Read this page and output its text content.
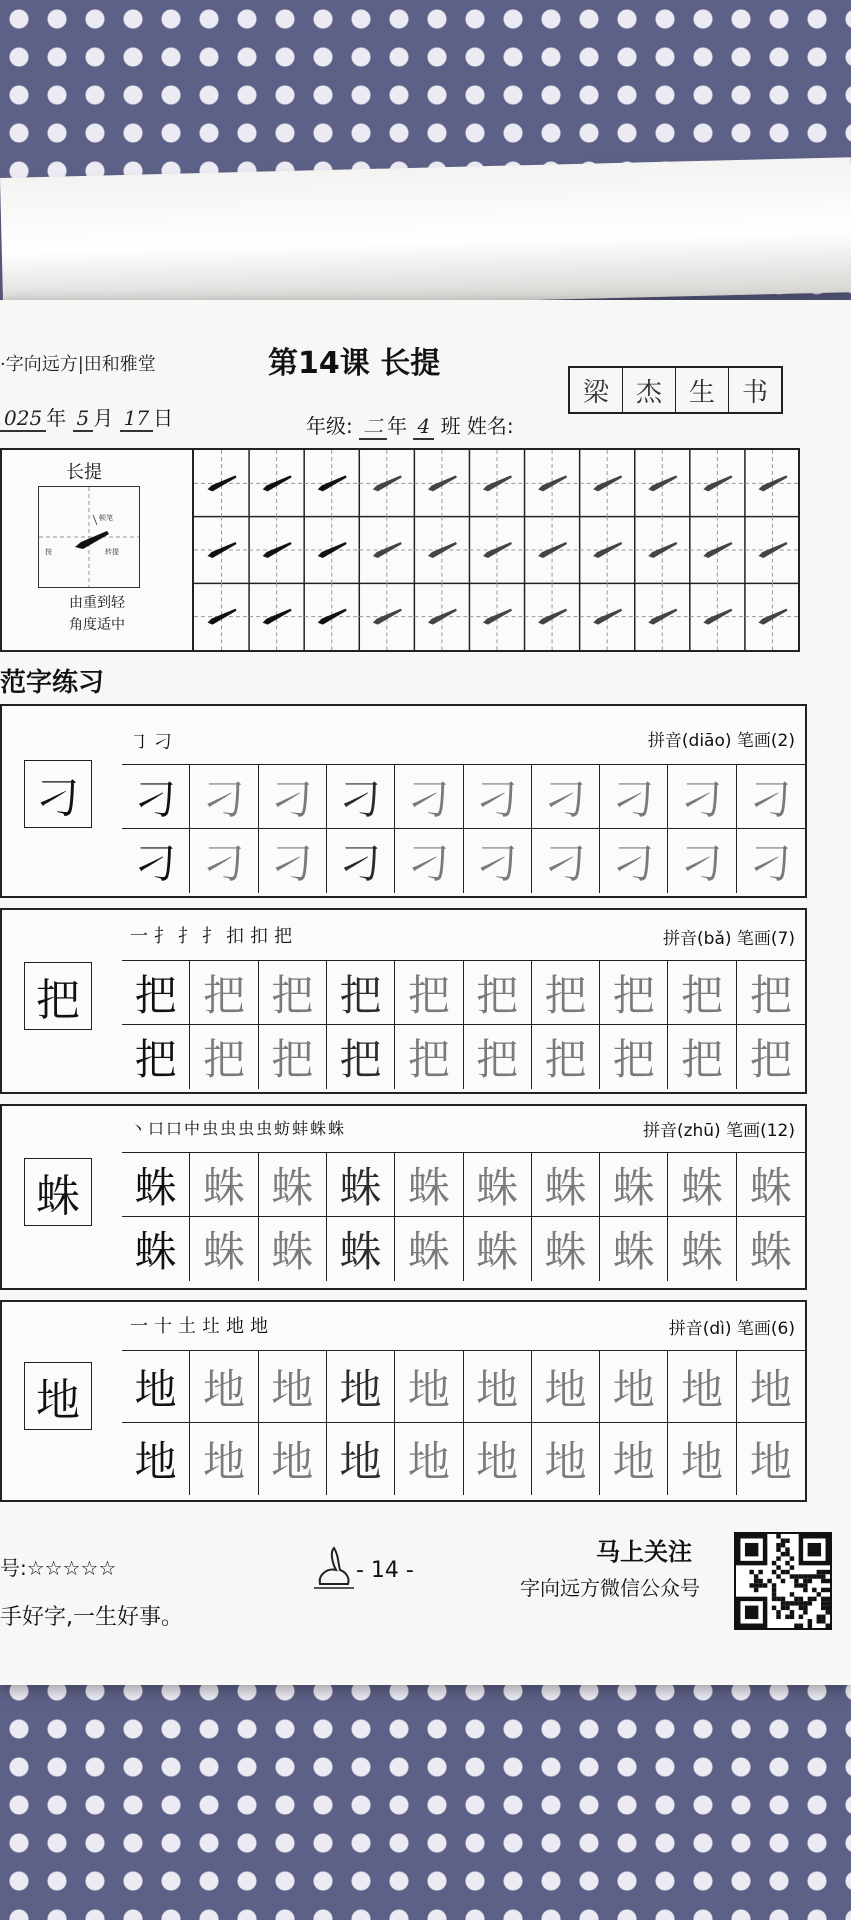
·字向远方|田和雅堂	第14课 长提
025 年 5 月 17 日	年级: 二 年 4 班 姓名:
梁	杰	生	书
长提
按
顿笔
转提
由重到轻
角度适中
范字练习
刁
㇆刁	拼音(diāo) 笔画(2)
刁 刁 刁 刁 刁 刁 刁 刁 刁 刁
刁 刁 刁 刁 刁 刁 刁 刁 刁 刁
把
一扌扌扌扣扣把	拼音(bǎ) 笔画(7)
把 把 把 把 把 把 把 把 把 把
把 把 把 把 把 把 把 把 把 把
蛛
丶口口中虫虫虫虫蚄蚌蛛蛛	拼音(zhū) 笔画(12)
蛛 蛛 蛛 蛛 蛛 蛛 蛛 蛛 蛛 蛛
蛛 蛛 蛛 蛛 蛛 蛛 蛛 蛛 蛛 蛛
地
一十土圵地地	拼音(dì) 笔画(6)
地 地 地 地 地 地 地 地 地 地
地 地 地 地 地 地 地 地 地 地
号:☆☆☆☆☆
手好字,一生好事。
- 14 -
马上关注
字向远方微信公众号
